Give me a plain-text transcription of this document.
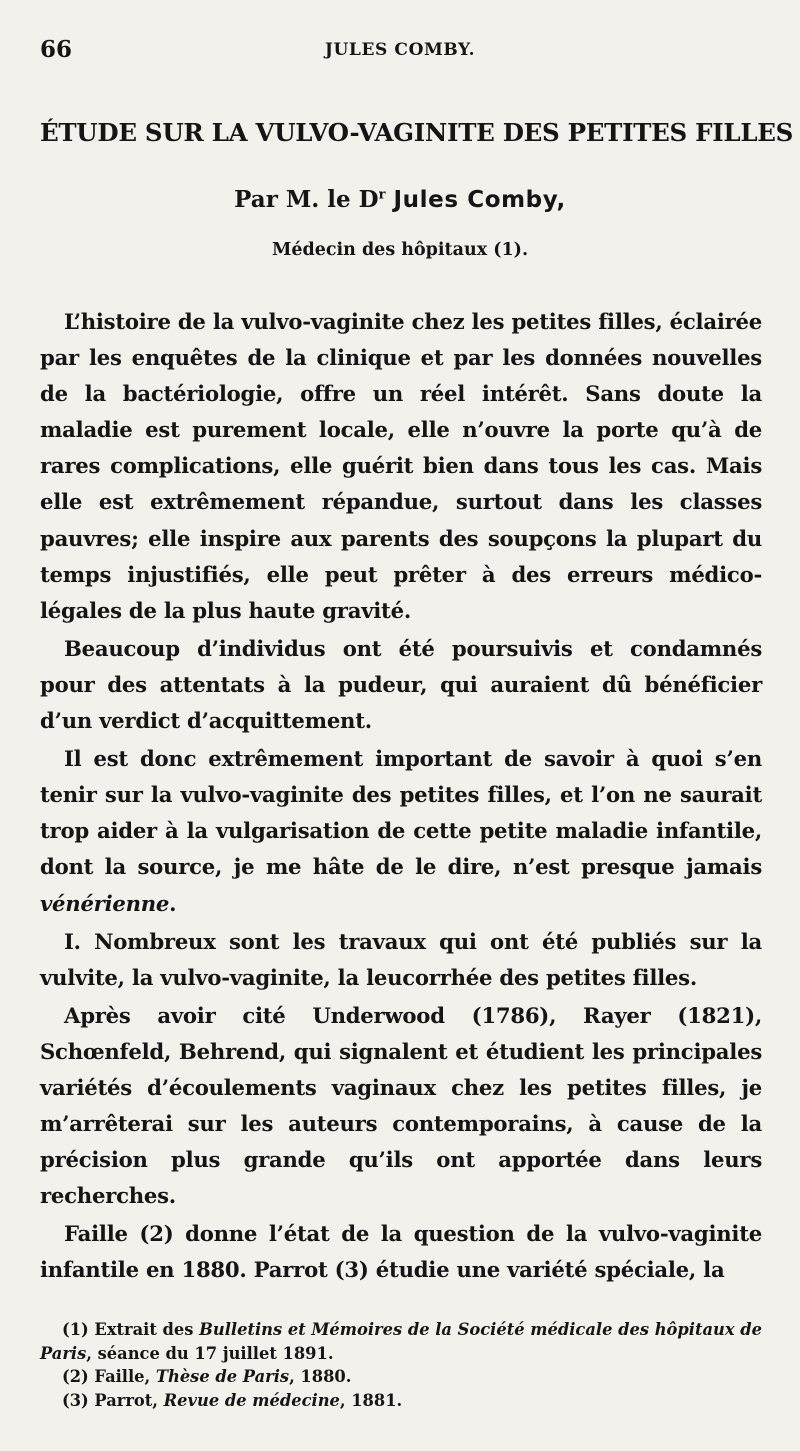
66	JULES COMBY.
ÉTUDE SUR LA VULVO-VAGINITE DES PETITES FILLES
Par M. le $D^r$ Jules Comby,
Médecin des hôpitaux (1).

L’histoire de la vulvo-vaginite chez les petites filles, éclairée par les enquêtes de la clinique et par les données nouvelles de la bactériologie, offre un réel intérêt. Sans doute la maladie est purement locale, elle n’ouvre la porte qu’à de rares complications, elle guérit bien dans tous les cas. Mais elle est extrêmement répandue, surtout dans les classes pauvres; elle inspire aux parents des soupçons la plupart du temps injustifiés, elle peut prêter à des erreurs médico-légales de la plus haute gravité.

Beaucoup d’individus ont été poursuivis et condamnés pour des attentats à la pudeur, qui auraient dû bénéficier d’un verdict d’acquittement.

Il est donc extrêmement important de savoir à quoi s’en tenir sur la vulvo-vaginite des petites filles, et l’on ne saurait trop aider à la vulgarisation de cette petite maladie infantile, dont la source, je me hâte de le dire, n’est presque jamais vénérienne.

I. Nombreux sont les travaux qui ont été publiés sur la vulvite, la vulvo-vaginite, la leucorrhée des petites filles.

Après avoir cité Underwood (1786), Rayer (1821), Schœnfeld, Behrend, qui signalent et étudient les principales variétés d’écoulements vaginaux chez les petites filles, je m’arrêterai sur les auteurs contemporains, à cause de la précision plus grande qu’ils ont apportée dans leurs recherches.

Faille (2) donne l’état de la question de la vulvo-vaginite infantile en 1880. Parrot (3) étudie une variété spéciale, la

(1) Extrait des Bulletins et Mémoires de la Société médicale des hôpitaux de Paris, séance du 17 juillet 1891.

(2) Faille, Thèse de Paris, 1880.

(3) Parrot, Revue de médecine, 1881.
